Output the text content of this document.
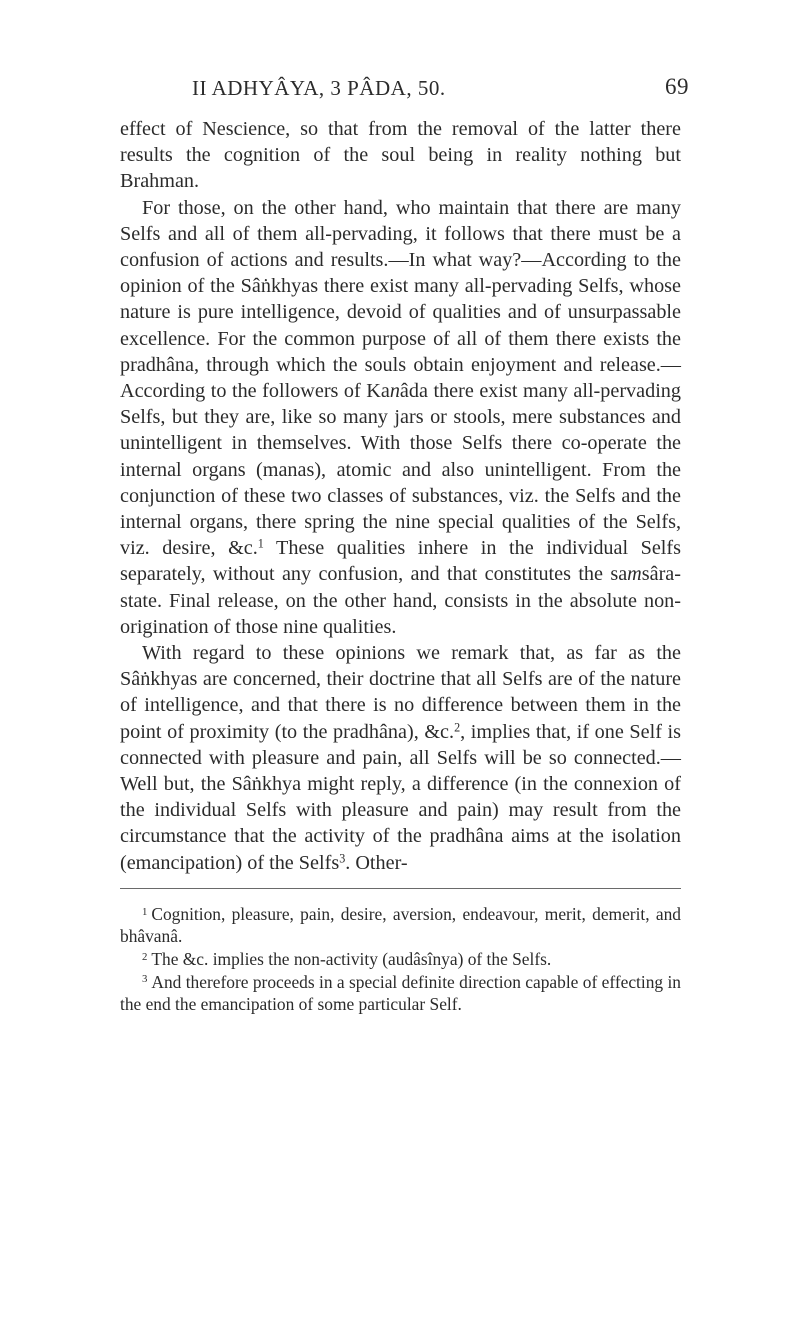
II ADHYÂYA, 3 PÂDA, 50.	69

effect of Nescience, so that from the removal of the latter there results the cognition of the soul being in reality nothing but Brahman.

For those, on the other hand, who maintain that there are many Selfs and all of them all-pervading, it follows that there must be a confusion of actions and results.—In what way?—According to the opinion of the Sâṅkhyas there exist many all-pervading Selfs, whose nature is pure intelligence, devoid of qualities and of unsurpassable excellence. For the common purpose of all of them there exists the pradhâna, through which the souls obtain enjoyment and release.—According to the followers of Kanâda there exist many all-pervading Selfs, but they are, like so many jars or stools, mere substances and unintelligent in themselves. With those Selfs there co-operate the internal organs (manas), atomic and also unintelligent. From the conjunction of these two classes of substances, viz. the Selfs and the internal organs, there spring the nine special qualities of the Selfs, viz. desire, &c.$^1$ These qualities inhere in the individual Selfs separately, without any confusion, and that constitutes the samsâra-state. Final release, on the other hand, consists in the absolute non-origination of those nine qualities.

With regard to these opinions we remark that, as far as the Sâṅkhyas are concerned, their doctrine that all Selfs are of the nature of intelligence, and that there is no difference between them in the point of proximity (to the pradhâna), &c.$^2$, implies that, if one Self is connected with pleasure and pain, all Selfs will be so connected.—Well but, the Sâṅkhya might reply, a difference (in the connexion of the individual Selfs with pleasure and pain) may result from the circumstance that the activity of the pradhâna aims at the isolation (emancipation) of the Selfs$^3$. Other-

$^1$ Cognition, pleasure, pain, desire, aversion, endeavour, merit, demerit, and bhâvanâ.

$^2$ The &c. implies the non-activity (audâsînya) of the Selfs.

$^3$ And therefore proceeds in a special definite direction capable of effecting in the end the emancipation of some particular Self.
